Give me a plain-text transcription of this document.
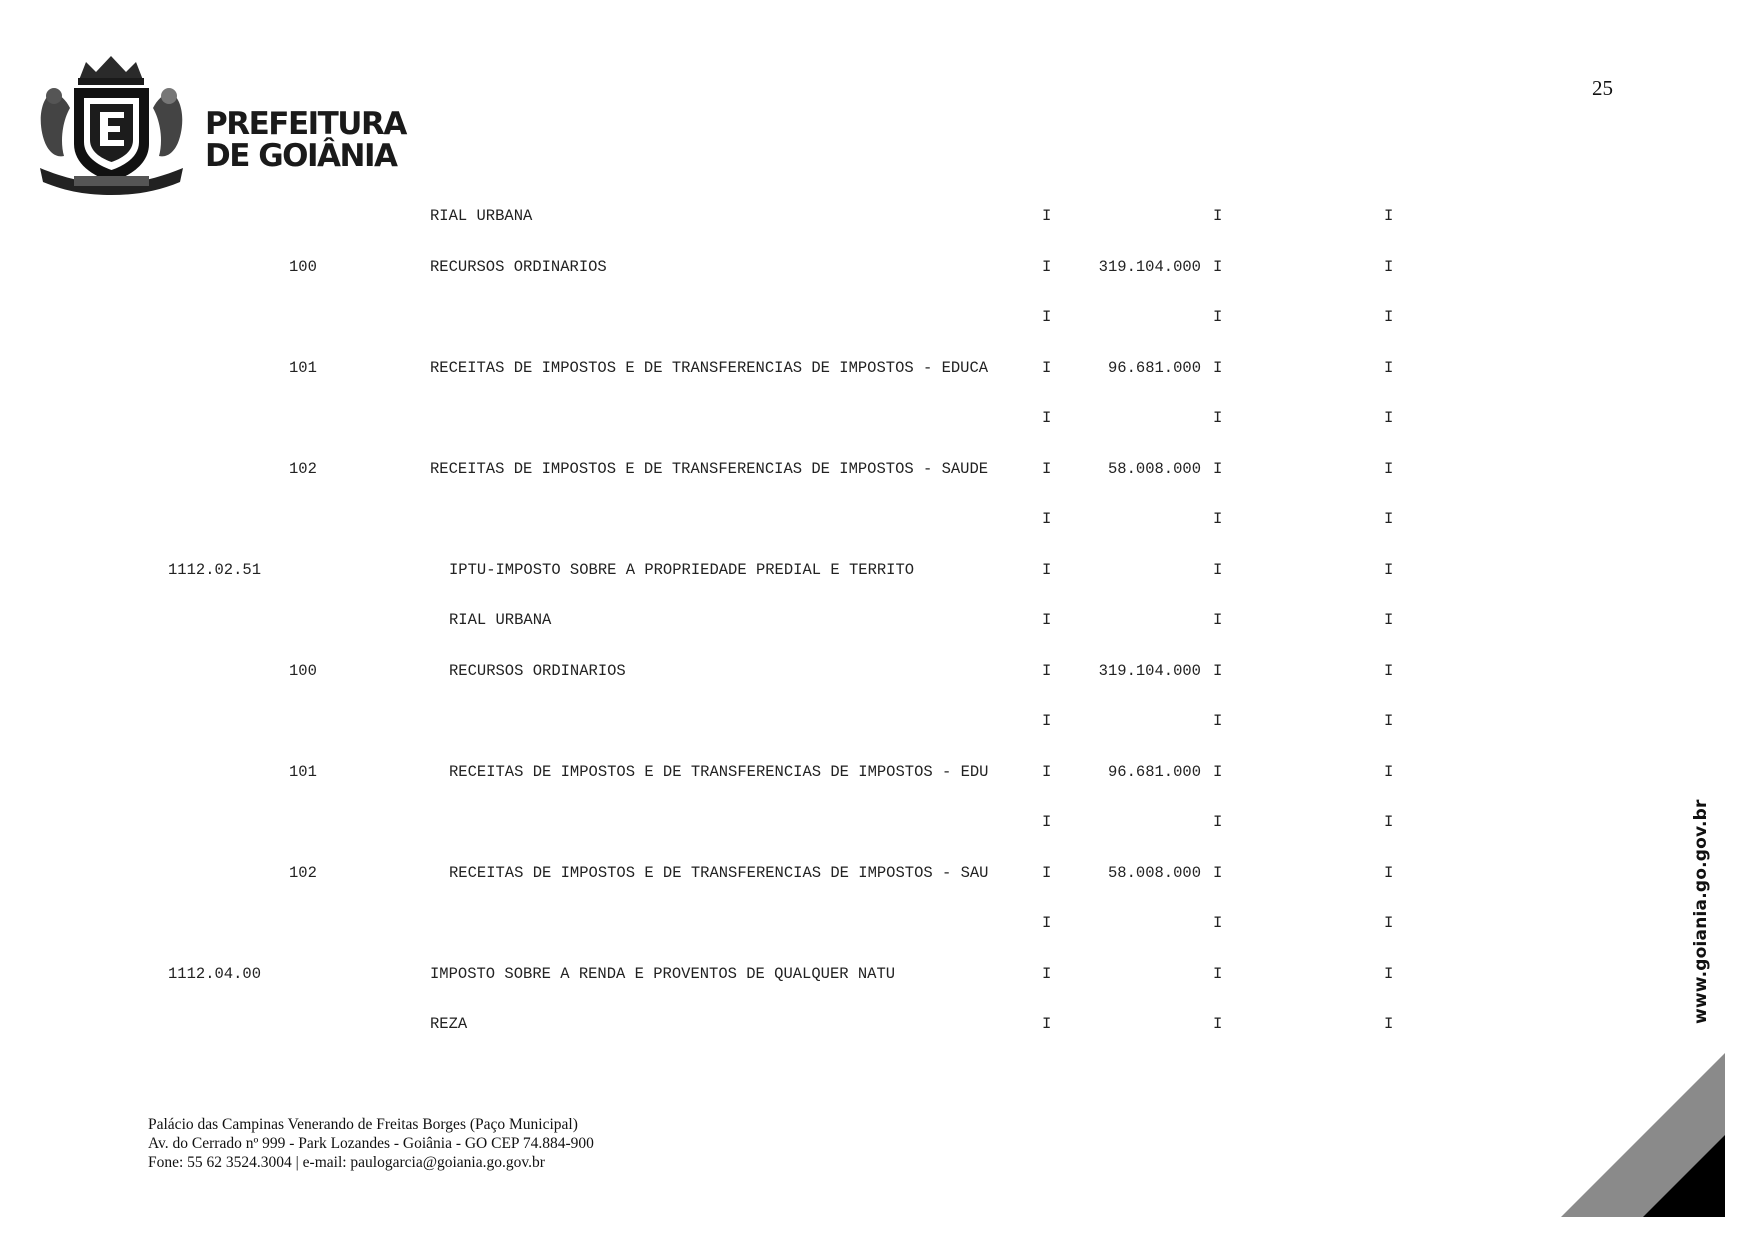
PREFEITURA
DE GOIÂNIA
25
RIAL URBANA	I	I	I
100	RECURSOS ORDINARIOS	I	319.104.000 I	I
I	I	I
101	RECEITAS DE IMPOSTOS E DE TRANSFERENCIAS DE IMPOSTOS - EDUCA	I	96.681.000 I	I
I	I	I
102	RECEITAS DE IMPOSTOS E DE TRANSFERENCIAS DE IMPOSTOS - SAUDE	I	58.008.000 I	I
I	I	I
1112.02.51	IPTU-IMPOSTO SOBRE A PROPRIEDADE PREDIAL E TERRITO	I	I	I
RIAL URBANA	I	I	I
100	RECURSOS ORDINARIOS	I	319.104.000 I	I
I	I	I
101	RECEITAS DE IMPOSTOS E DE TRANSFERENCIAS DE IMPOSTOS - EDU	I	96.681.000 I	I
I	I	I
102	RECEITAS DE IMPOSTOS E DE TRANSFERENCIAS DE IMPOSTOS - SAU	I	58.008.000 I	I
I	I	I
1112.04.00	IMPOSTO SOBRE A RENDA E PROVENTOS DE QUALQUER NATU	I	I	I
REZA	I	I	I	www.goiania.go.gov.br
Palácio das Campinas Venerando de Freitas Borges (Paço Municipal)
Av. do Cerrado nº 999 - Park Lozandes - Goiânia - GO CEP 74.884-900
Fone: 55 62 3524.3004 | e-mail: paulogarcia@goiania.go.gov.br
